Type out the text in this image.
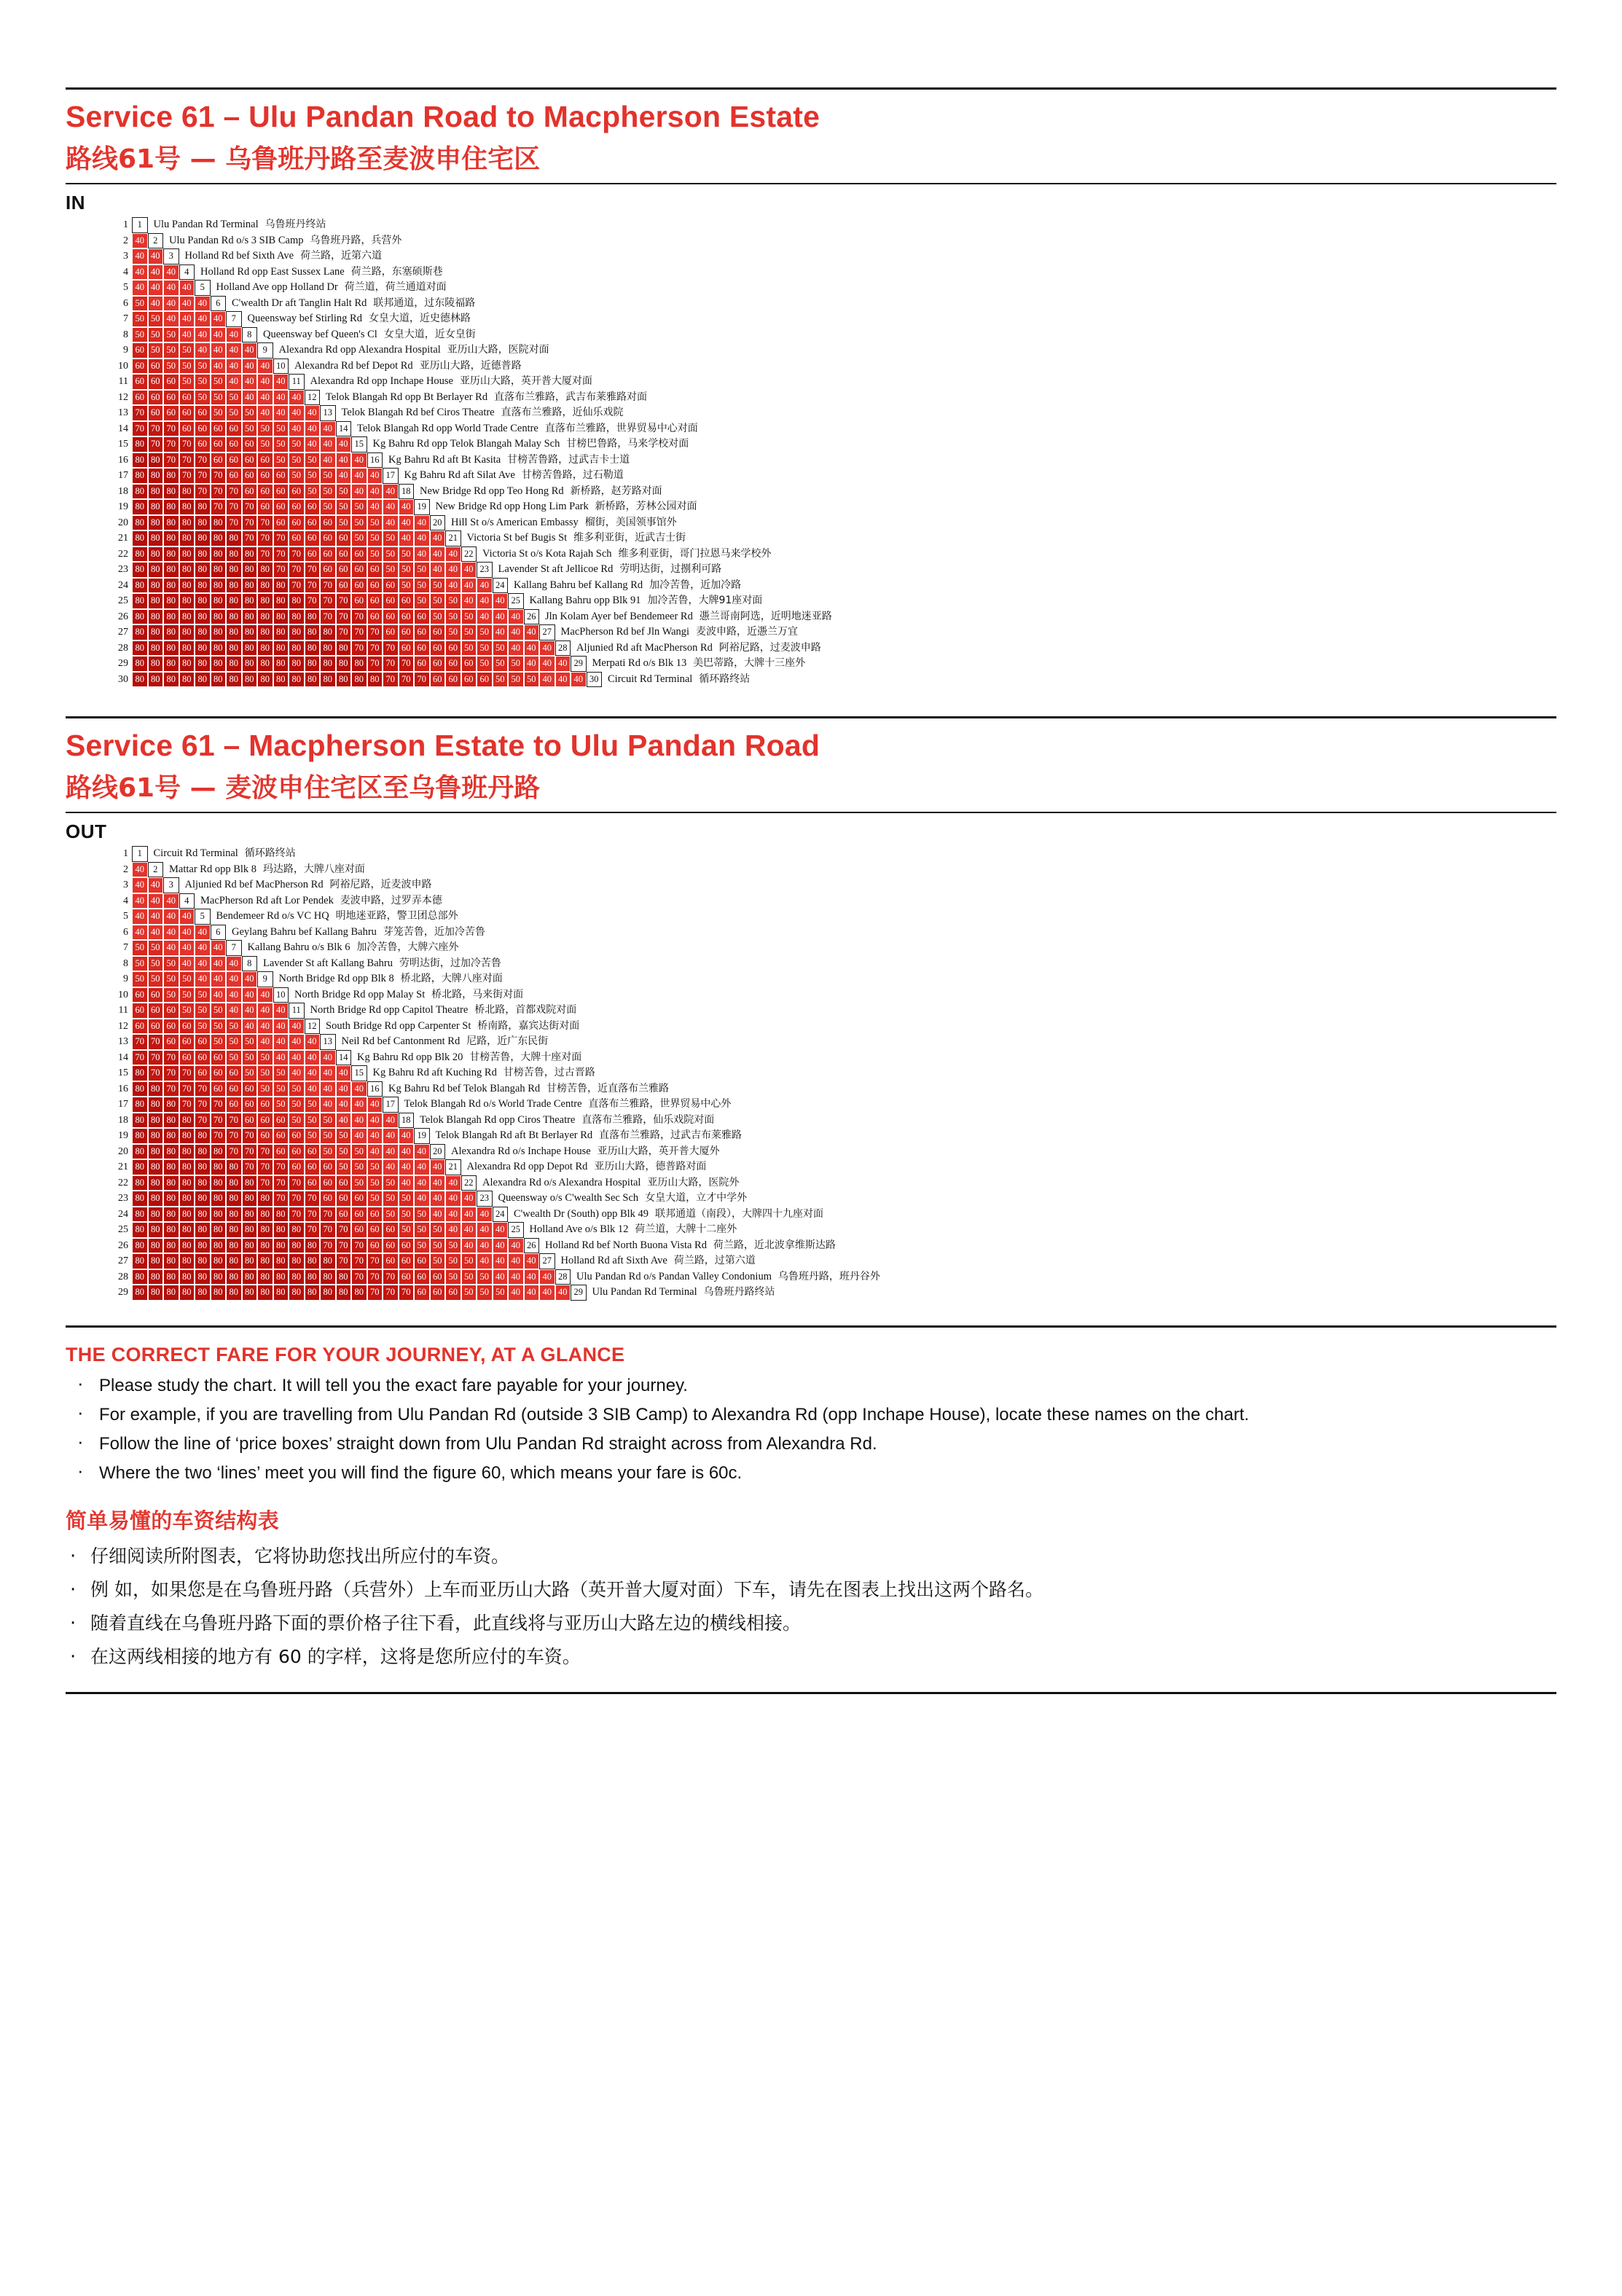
Service 61 – Ulu Pandan Road to Macpherson Estate
路线61号 — 乌鲁班丹路至麦波申住宅区
IN
1	1	Ulu Pandan Rd Terminal  乌鲁班丹终站
2 40 2	Ulu Pandan Rd o/s 3 SIB Camp  乌鲁班丹路，兵营外
3 40 40 3	Holland Rd bef Sixth Ave  荷兰路，近第六道
4 40 40 40 4	Holland Rd opp East Sussex Lane  荷兰路，东塞硕斯巷
5 40 40 40 40 5	Holland Ave opp Holland Dr  荷兰道，荷兰通道对面
6 50 40 40 40 40 6	C'wealth Dr aft Tanglin Halt Rd  联邦通道，过东陵福路
7 50 50 40 40 40 40 7	Queensway bef Stirling Rd  女皇大道，近史德林路
8 50 50 50 40 40 40 40 8	Queensway bef Queen's Cl  女皇大道，近女皇街
9 60 50 50 50 40 40 40 40 9	Alexandra Rd opp Alexandra Hospital  亚历山大路，医院对面
10 60 60 50 50 50 40 40 40 40 10 Alexandra Rd bef Depot Rd  亚历山大路，近德普路
11 60 60 60 50 50 50 40 40 40 40 11 Alexandra Rd opp Inchape House  亚历山大路，英开普大厦对面
12 60 60 60 60 50 50 50 40 40 40 40 12 Telok Blangah Rd opp Bt Berlayer Rd  直落布兰雅路，武吉布莱雅路对面
13 70 60 60 60 60 50 50 50 40 40 40 40 13 Telok Blangah Rd bef Ciros Theatre  直落布兰雅路，近仙乐戏院
14 70 70 70 60 60 60 60 50 50 50 40 40 40 14 Telok Blangah Rd opp World Trade Centre  直落布兰雅路，世界贸易中心对面
15 80 70 70 70 60 60 60 60 50 50 50 40 40 40 15 Kg Bahru Rd opp Telok Blangah Malay Sch  甘榜巴鲁路，马来学校对面
16 80 80 70 70 70 60 60 60 60 50 50 50 40 40 40 16 Kg Bahru Rd aft Bt Kasita  甘榜苦鲁路，过武吉卡士道
17 80 80 80 70 70 70 60 60 60 60 50 50 50 40 40 40 17 Kg Bahru Rd aft Silat Ave  甘榜苦鲁路，过石勒道
18 80 80 80 80 70 70 70 60 60 60 60 50 50 50 40 40 40 18 New Bridge Rd opp Teo Hong Rd  新桥路，赵芳路对面
19 80 80 80 80 80 70 70 70 60 60 60 60 50 50 50 40 40 40 19 New Bridge Rd opp Hong Lim Park  新桥路，芳林公园对面
20 80 80 80 80 80 80 70 70 70 60 60 60 60 50 50 50 40 40 40 20 Hill St o/s American Embassy  榴街，美国领事馆外
21 80 80 80 80 80 80 80 70 70 70 60 60 60 60 50 50 50 40 40 40 21 Victoria St bef Bugis St  维多利亚街，近武吉士街
22 80 80 80 80 80 80 80 80 70 70 70 60 60 60 60 50 50 50 40 40 40 22 Victoria St o/s Kota Rajah Sch  维多利亚街，哥门拉恩马来学校外
23 80 80 80 80 80 80 80 80 80 70 70 70 60 60 60 60 50 50 50 40 40 40 23 Lavender St aft Jellicoe Rd  劳明达街，过捌利可路
24 80 80 80 80 80 80 80 80 80 80 70 70 70 60 60 60 60 50 50 50 40 40 40 24 Kallang Bahru bef Kallang Rd  加冷苦鲁，近加冷路
25 80 80 80 80 80 80 80 80 80 80 80 70 70 70 60 60 60 60 50 50 50 40 40 40 25 Kallang Bahru opp Blk 91  加冷苦鲁，大牌91座对面
26 80 80 80 80 80 80 80 80 80 80 80 80 70 70 70 60 60 60 60 50 50 50 40 40 40 26 Jln Kolam Ayer bef Bendemeer Rd  慿兰哥南阿选，近明地迷亚路
27 80 80 80 80 80 80 80 80 80 80 80 80 80 70 70 70 60 60 60 60 50 50 50 40 40 40 27 MacPherson Rd bef Jln Wangi  麦波申路，近慿兰万宜
28 80 80 80 80 80 80 80 80 80 80 80 80 80 80 70 70 70 60 60 60 60 50 50 50 40 40 40 28 Aljunied Rd aft MacPherson Rd  阿裕尼路，过麦波申路
29 80 80 80 80 80 80 80 80 80 80 80 80 80 80 80 70 70 70 60 60 60 60 50 50 50 40 40 40 29 Merpati Rd o/s Blk 13  美巴蒂路，大牌十三座外
30 80 80 80 80 80 80 80 80 80 80 80 80 80 80 80 80 70 70 70 60 60 60 60 50 50 50 40 40 40 30 Circuit Rd Terminal  循环路终站
Service 61 – Macpherson Estate to Ulu Pandan Road
路线61号 — 麦波申住宅区至乌鲁班丹路
OUT
1	1	Circuit Rd Terminal  循环路终站
2 40 2	Mattar Rd opp Blk 8  玛达路，大牌八座对面
3 40 40 3	Aljunied Rd bef MacPherson Rd  阿裕尼路，近麦波申路
4 40 40 40 4	MacPherson Rd aft Lor Pendek  麦波申路，过罗弄本德
5 40 40 40 40 5	Bendemeer Rd o/s VC HQ  明地迷亚路，警卫团总部外
6 40 40 40 40 40 6	Geylang Bahru bef Kallang Bahru  芽笼苦鲁，近加冷苦鲁
7 50 50 40 40 40 40 7	Kallang Bahru o/s Blk 6  加冷苦鲁，大牌六座外
8 50 50 50 40 40 40 40 8	Lavender St aft Kallang Bahru  劳明达街，过加冷苦鲁
9 50 50 50 50 40 40 40 40 9	North Bridge Rd opp Blk 8  桥北路，大牌八座对面
10 60 60 50 50 50 40 40 40 40 10 North Bridge Rd opp Malay St  桥北路，马来街对面
11 60 60 60 50 50 50 40 40 40 40 11 North Bridge Rd opp Capitol Theatre  桥北路，首都戏院对面
12 60 60 60 60 50 50 50 40 40 40 40 12 South Bridge Rd opp Carpenter St  桥南路，嘉宾达街对面
13 70 70 60 60 60 50 50 50 40 40 40 40 13 Neil Rd bef Cantonment Rd  尼路，近广东民街
14 70 70 70 60 60 60 50 50 50 40 40 40 40 14 Kg Bahru Rd opp Blk 20  甘榜苦鲁，大牌十座对面
15 80 70 70 70 60 60 60 50 50 50 40 40 40 40 15 Kg Bahru Rd aft Kuching Rd  甘榜苦鲁，过古晋路
16 80 80 70 70 70 60 60 60 50 50 50 40 40 40 40 16 Kg Bahru Rd bef Telok Blangah Rd  甘榜苦鲁，近直落布兰雅路
17 80 80 80 70 70 70 60 60 60 50 50 50 40 40 40 40 17 Telok Blangah Rd o/s World Trade Centre  直落布兰雅路，世界贸易中心外
18 80 80 80 80 70 70 70 60 60 60 50 50 50 40 40 40 40 18 Telok Blangah Rd opp Ciros Theatre  直落布兰雅路，仙乐戏院对面
19 80 80 80 80 80 70 70 70 60 60 60 50 50 50 40 40 40 40 19 Telok Blangah Rd aft Bt Berlayer Rd  直落布兰雅路，过武吉布莱雅路
20 80 80 80 80 80 80 70 70 70 60 60 60 50 50 50 40 40 40 40 20 Alexandra Rd o/s Inchape House  亚历山大路，英开普大厦外
21 80 80 80 80 80 80 80 70 70 70 60 60 60 50 50 50 40 40 40 40 21 Alexandra Rd opp Depot Rd  亚历山大路，德普路对面
22 80 80 80 80 80 80 80 80 70 70 70 60 60 60 50 50 50 40 40 40 40 22 Alexandra Rd o/s Alexandra Hospital  亚历山大路，医院外
23 80 80 80 80 80 80 80 80 80 70 70 70 60 60 60 50 50 50 40 40 40 40 23 Queensway o/s C'wealth Sec Sch  女皇大道，立才中学外
24 80 80 80 80 80 80 80 80 80 80 70 70 70 60 60 60 50 50 50 40 40 40 40 24 C'wealth Dr (South) opp Blk 49  联邦通道（南段），大牌四十九座对面
25 80 80 80 80 80 80 80 80 80 80 80 70 70 70 60 60 60 50 50 50 40 40 40 40 25 Holland Ave o/s Blk 12  荷兰道，大牌十二座外
26 80 80 80 80 80 80 80 80 80 80 80 80 70 70 70 60 60 60 50 50 50 40 40 40 40 26 Holland Rd bef North Buona Vista Rd  荷兰路，近北波拿维斯达路
27 80 80 80 80 80 80 80 80 80 80 80 80 80 70 70 70 60 60 60 50 50 50 40 40 40 40 27 Holland Rd aft Sixth Ave  荷兰路，过第六道
28 80 80 80 80 80 80 80 80 80 80 80 80 80 80 70 70 70 60 60 60 50 50 50 40 40 40 40 28 Ulu Pandan Rd o/s Pandan Valley Condonium  乌鲁班丹路，班丹谷外
29 80 80 80 80 80 80 80 80 80 80 80 80 80 80 80 70 70 70 60 60 60 50 50 50 40 40 40 40 29 Ulu Pandan Rd Terminal  乌鲁班丹路终站
THE CORRECT FARE FOR YOUR JOURNEY, AT A GLANCE
· Please study the chart. It will tell you the exact fare payable for your journey.
· For example, if you are travelling from Ulu Pandan Rd (outside 3 SIB Camp) to Alexandra Rd (opp Inchape House), locate these names on the chart.
· Follow the line of ‘price boxes’ straight down from Ulu Pandan Rd straight across from Alexandra Rd.
· Where the two ‘lines’ meet you will find the figure 60, which means your fare is 60c.
简单易懂的车资结构表
· 仔细阅读所附图表，它将协助您找出所应付的车资。
· 例 如，如果您是在乌鲁班丹路（兵营外）上车而亚历山大路（英开普大厦对面）下车，请先在图表上找出这两个路名。
· 随着直线在乌鲁班丹路下面的票价格子往下看，此直线将与亚历山大路左边的横线相接。
· 在这两线相接的地方有 60 的字样，这将是您所应付的车资。
